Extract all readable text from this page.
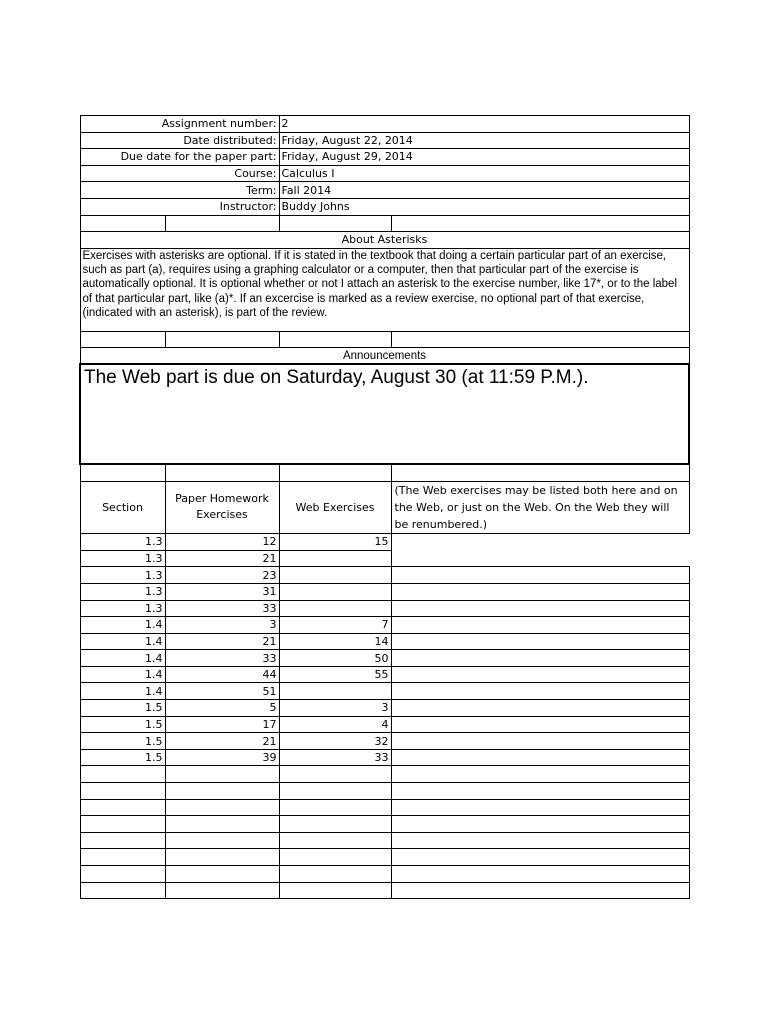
Assignment number:		2	
Date distributed:		Friday, August 22, 2014	
Due date for the paper part:		Friday, August 29, 2014	
Course:		Calculus I	
Term:		Fall 2014	
Instructor:		Buddy Johns	

About Asterisks			
Exercises with asterisks are optional. If it is stated in the textbook that doing a certain particular part of an exercise, such as part (a), requires using a graphing calculator or a computer, then that particular part of the exercise is automatically optional. It is optional whether or not I attach an asterisk to the exercise number, like 17*, or to the label of that particular part, like (a)*. If an excercise is marked as a review exercise, no optional part of that exercise, (indicated with an asterisk), is part of the review.			

Announcements			

The Web part is due on Saturday, August 30 (at 11:59 P.M.).			

Section	Paper Homework Exercises	Web Exercises	(The Web exercises may be listed both here and on the Web, or just on the Web. On the Web they will be renumbered.)
1.3	12	15	
1.3	21		
1.3	23		
1.3	31		
1.3	33		
1.4	3	7	
1.4	21	14	
1.4	33	50	
1.4	44	55	
1.4	51		
1.5	5	3	
1.5	17	4	
1.5	21	32	
1.5	39	33	
